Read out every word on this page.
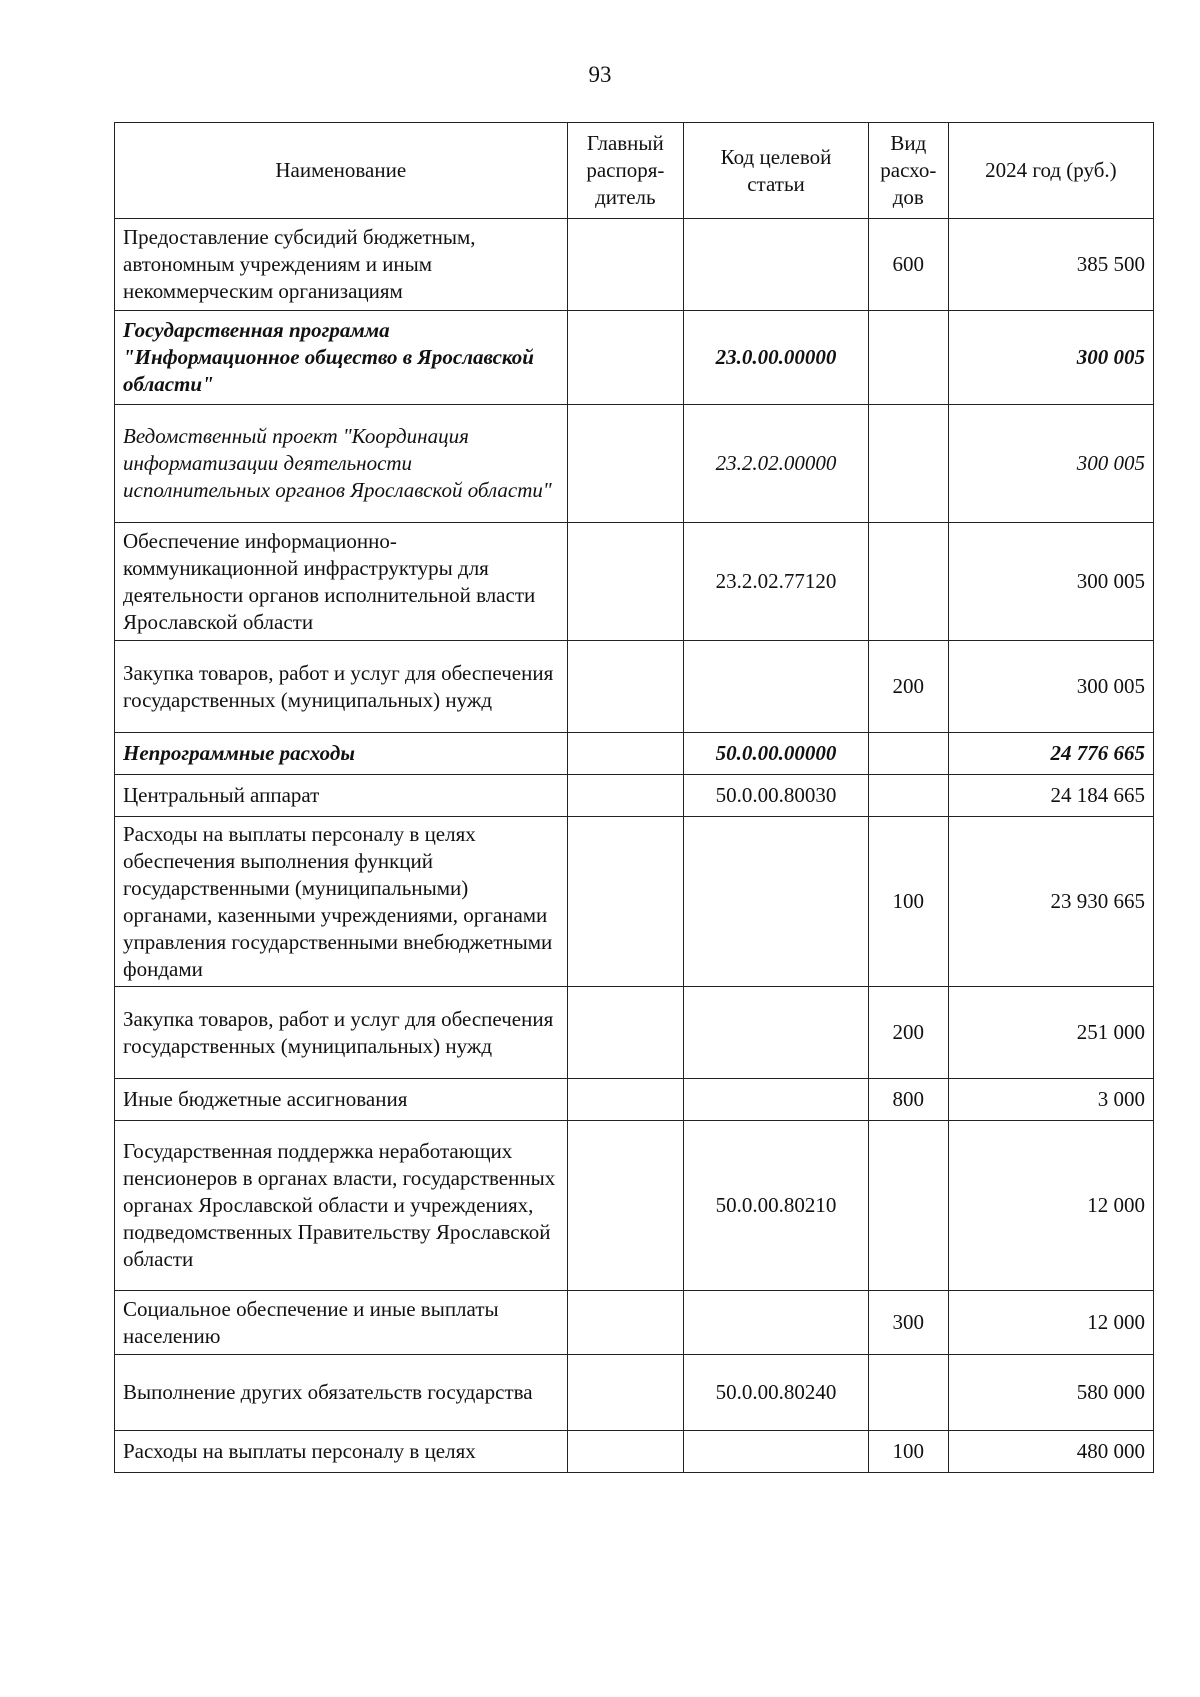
93
Наименование	Главный распоря-дитель	Код целевой статьи	Вид расхо-дов	2024 год (руб.)
Предоставление субсидий бюджетным, автономным учреждениям и иным некоммерческим организациям			600	385 500
Государственная программа "Информационное общество в Ярославской области"		23.0.00.00000		300 005
Ведомственный проект "Координация информатизации деятельности исполнительных органов Ярославской области"		23.2.02.00000		300 005
Обеспечение информационно-коммуникационной инфраструктуры для деятельности органов исполнительной власти Ярославской области		23.2.02.77120		300 005
Закупка товаров, работ и услуг для обеспечения государственных (муниципальных) нужд			200	300 005
Непрограммные расходы		50.0.00.00000		24 776 665
Центральный аппарат		50.0.00.80030		24 184 665
Расходы на выплаты персоналу в целях обеспечения выполнения функций государственными (муниципальными) органами, казенными учреждениями, органами управления государственными внебюджетными фондами			100	23 930 665
Закупка товаров, работ и услуг для обеспечения государственных (муниципальных) нужд			200	251 000
Иные бюджетные ассигнования			800	3 000
Государственная поддержка неработающих пенсионеров в органах власти, государственных органах Ярославской области и учреждениях, подведомственных Правительству Ярославской области		50.0.00.80210		12 000
Социальное обеспечение и иные выплаты населению			300	12 000
Выполнение других обязательств государства		50.0.00.80240		580 000
Расходы на выплаты персоналу в целях			100	480 000
